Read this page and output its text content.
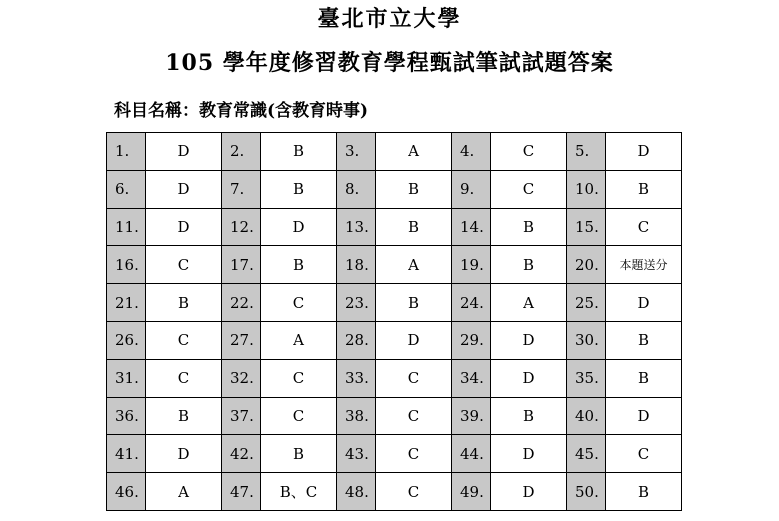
臺北市立大學
105 學年度修習教育學程甄試筆試試題答案
科目名稱：教育常識(含教育時事)
1.	D	2.	B	3.	A	4.	C	5.	D
6.	D	7.	B	8.	B	9.	C	10.	B
11.	D	12.	D	13.	B	14.	B	15.	C
16.	C	17.	B	18.	A	19.	B	20.	本題送分
21.	B	22.	C	23.	B	24.	A	25.	D
26.	C	27.	A	28.	D	29.	D	30.	B
31.	C	32.	C	33.	C	34.	D	35.	B
36.	B	37.	C	38.	C	39.	B	40.	D
41.	D	42.	B	43.	C	44.	D	45.	C
46.	A	47.	B、C	48.	C	49.	D	50.	B
